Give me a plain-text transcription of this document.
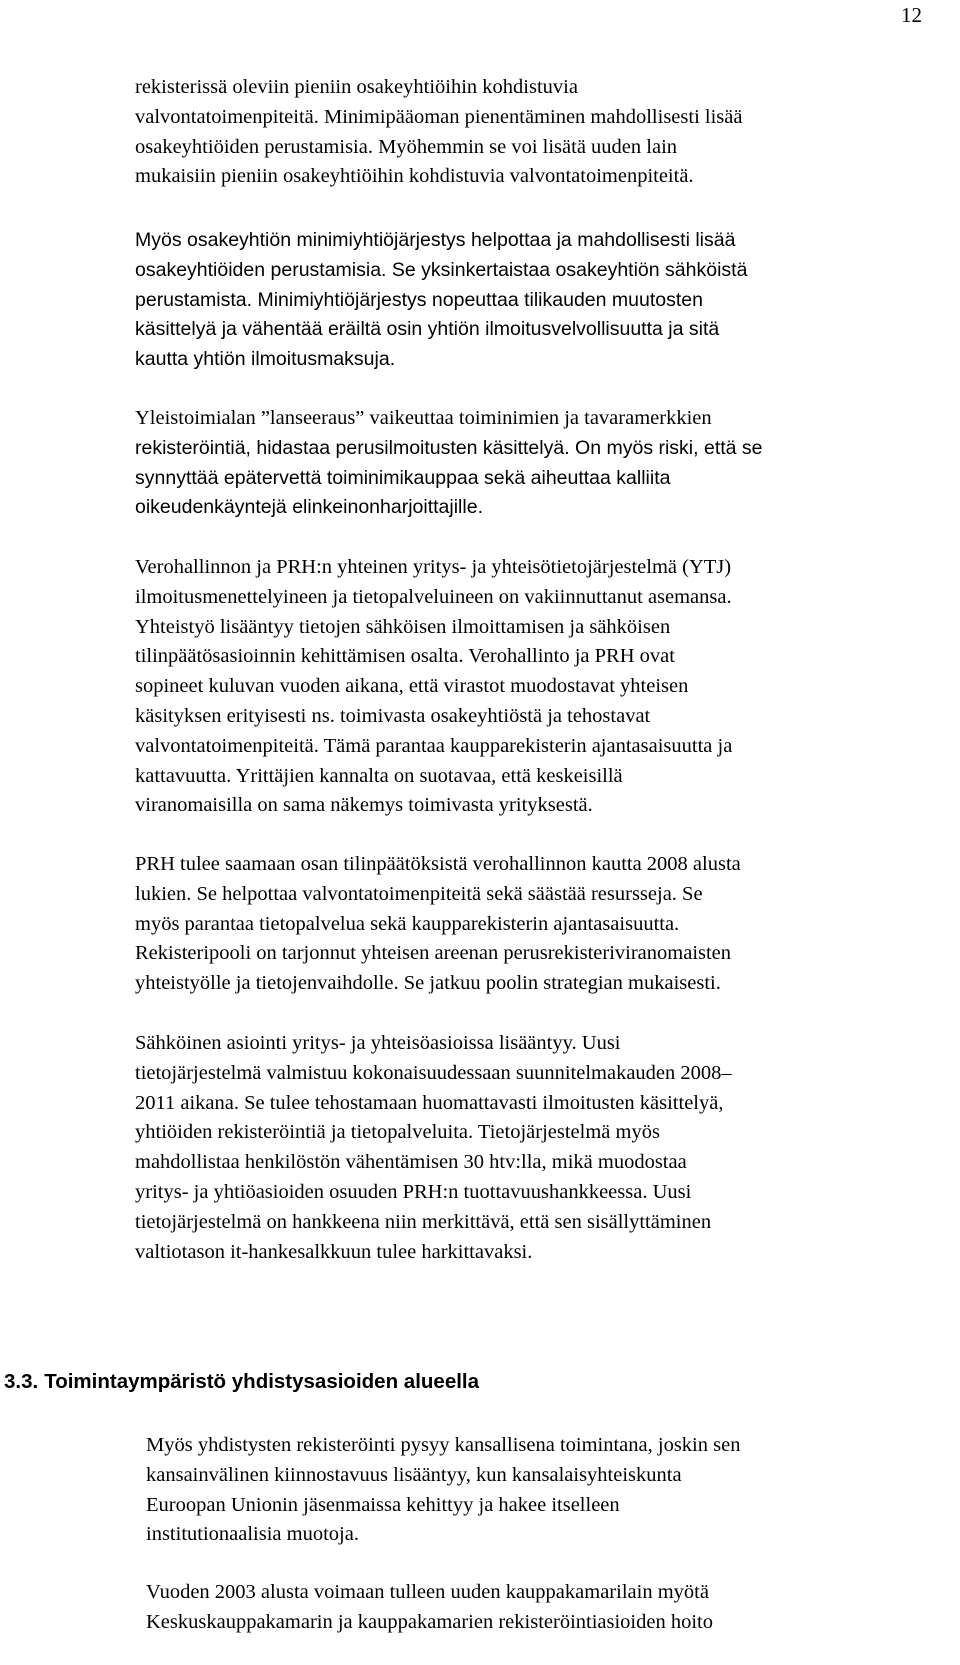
12
rekisterissä oleviin pieniin osakeyhtiöihin kohdistuvia
valvontatoimenpiteitä. Minimipääoman pienentäminen mahdollisesti lisää
osakeyhtiöiden perustamisia. Myöhemmin se voi lisätä uuden lain
mukaisiin pieniin osakeyhtiöihin kohdistuvia valvontatoimenpiteitä.
Myös osakeyhtiön minimiyhtiöjärjestys helpottaa ja mahdollisesti lisää
osakeyhtiöiden perustamisia. Se yksinkertaistaa osakeyhtiön sähköistä
perustamista. Minimiyhtiöjärjestys nopeuttaa tilikauden muutosten
käsittelyä ja vähentää eräiltä osin yhtiön ilmoitusvelvollisuutta ja sitä
kautta yhtiön ilmoitusmaksuja.
Yleistoimialan ”lanseeraus” vaikeuttaa toiminimien ja tavaramerkkien
rekisteröintiä, hidastaa perusilmoitusten käsittelyä. On myös riski, että se
synnyttää epätervettä toiminimikauppaa sekä aiheuttaa kalliita
oikeudenkäyntejä elinkeinonharjoittajille.
Verohallinnon ja PRH:n yhteinen yritys- ja yhteisötietojärjestelmä (YTJ)
ilmoitusmenettelyineen ja tietopalveluineen on vakiinnuttanut asemansa.
Yhteistyö lisääntyy tietojen sähköisen ilmoittamisen ja sähköisen
tilinpäätösasioinnin kehittämisen osalta. Verohallinto ja PRH ovat
sopineet kuluvan vuoden aikana, että virastot muodostavat yhteisen
käsityksen erityisesti ns. toimivasta osakeyhtiöstä ja tehostavat
valvontatoimenpiteitä. Tämä parantaa kaupparekisterin ajantasaisuutta ja
kattavuutta. Yrittäjien kannalta on suotavaa, että keskeisillä
viranomaisilla on sama näkemys toimivasta yrityksestä.
PRH tulee saamaan osan tilinpäätöksistä verohallinnon kautta 2008 alusta
lukien. Se helpottaa valvontatoimenpiteitä sekä säästää resursseja. Se
myös parantaa tietopalvelua sekä kaupparekisterin ajantasaisuutta.
Rekisteripooli on tarjonnut yhteisen areenan perusrekisteriviranomaisten
yhteistyölle ja tietojenvaihdolle. Se jatkuu poolin strategian mukaisesti.
Sähköinen asiointi yritys- ja yhteisöasioissa lisääntyy. Uusi
tietojärjestelmä valmistuu kokonaisuudessaan suunnitelmakauden 2008–
2011 aikana. Se tulee tehostamaan huomattavasti ilmoitusten käsittelyä,
yhtiöiden rekisteröintiä ja tietopalveluita. Tietojärjestelmä myös
mahdollistaa henkilöstön vähentämisen 30 htv:lla, mikä muodostaa
yritys- ja yhtiöasioiden osuuden PRH:n tuottavuushankkeessa. Uusi
tietojärjestelmä on hankkeena niin merkittävä, että sen sisällyttäminen
valtiotason it-hankesalkkuun tulee harkittavaksi.
3.3. Toimintaympäristö yhdistysasioiden alueella
Myös yhdistysten rekisteröinti pysyy kansallisena toimintana, joskin sen
kansainvälinen kiinnostavuus lisääntyy, kun kansalaisyhteiskunta
Euroopan Unionin jäsenmaissa kehittyy ja hakee itselleen
institutionaalisia muotoja.
Vuoden 2003 alusta voimaan tulleen uuden kauppakamarilain myötä
Keskuskauppakamarin ja kauppakamarien rekisteröintiasioiden hoito
